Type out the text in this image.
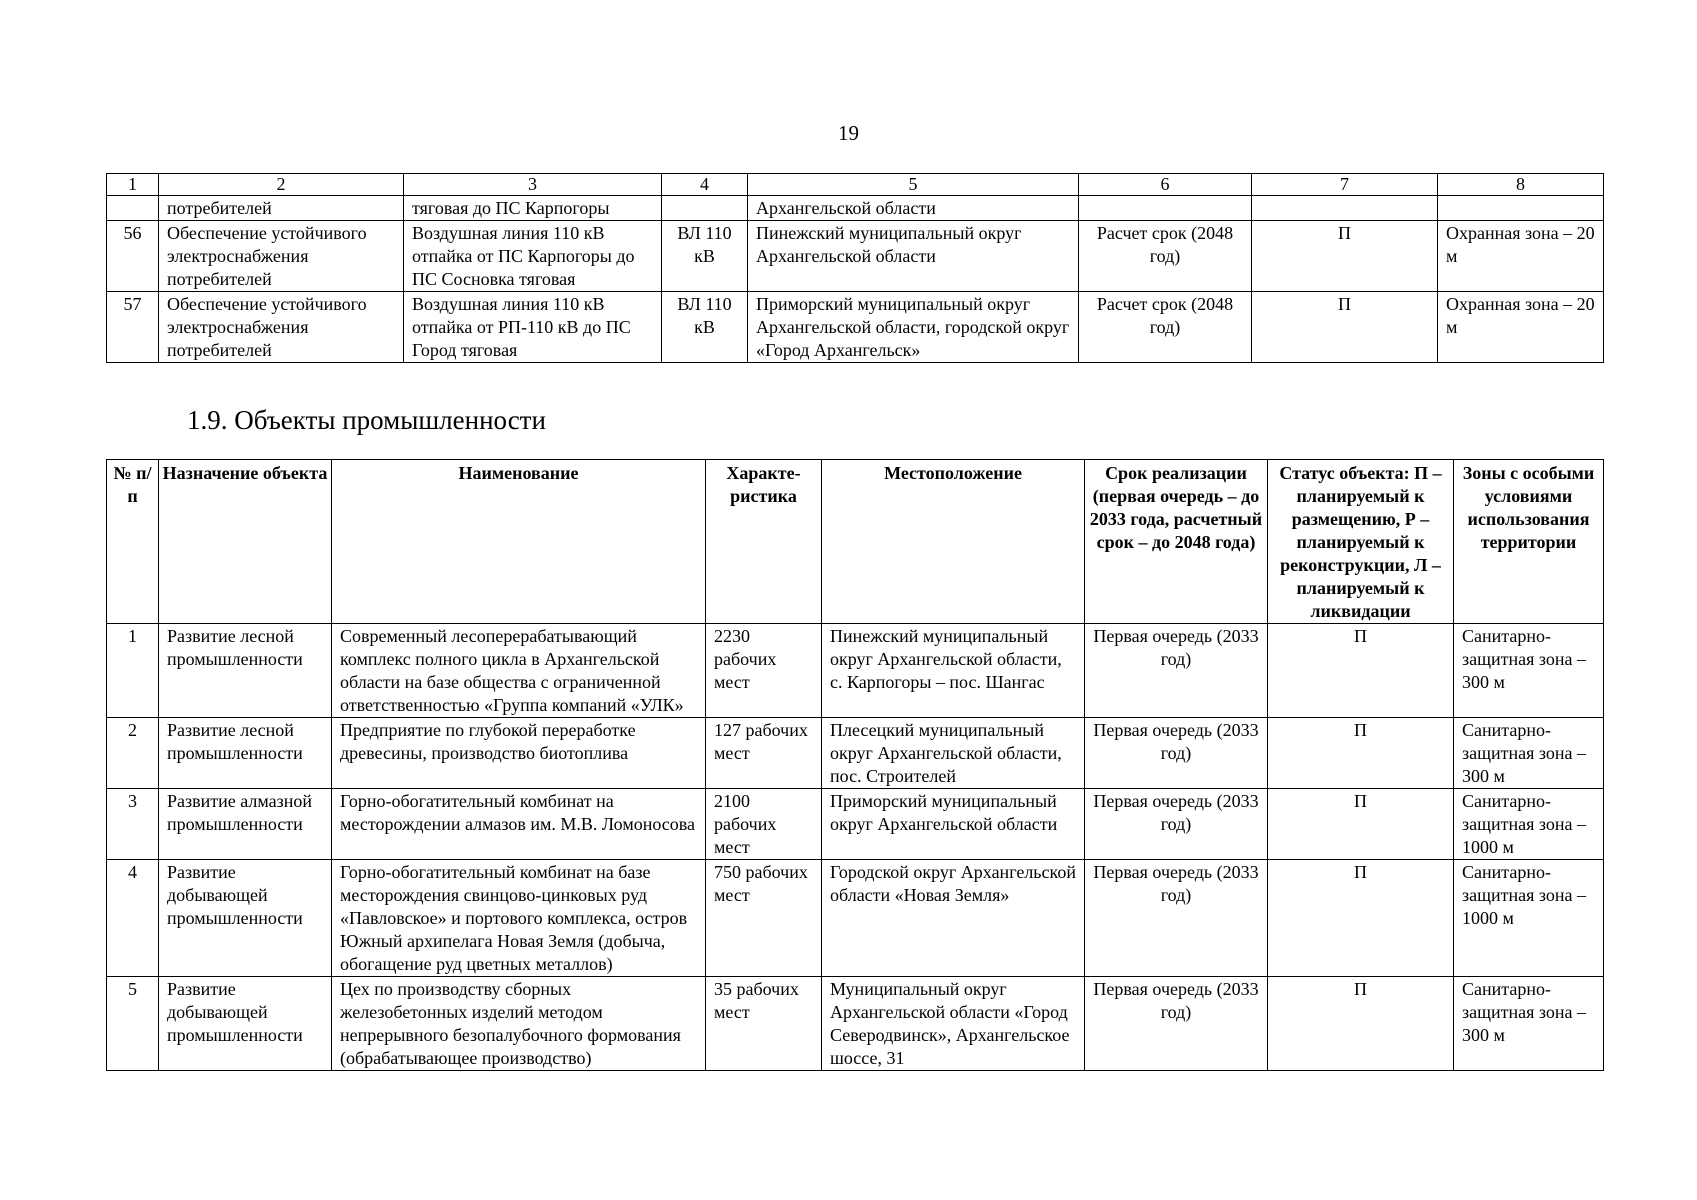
19
1	2	3	4	5	6	7	8
	потребителей	тяговая до ПС Карпогоры		Архангельской области			
56	Обеспечение устойчивого электроснабжения потребителей	Воздушная линия 110 кВ отпайка от ПС Карпогоры до ПС Сосновка тяговая	ВЛ 110 кВ	Пинежский муниципальный округ Архангельской области	Расчет срок (2048 год)	П	Охранная зона – 20 м
57	Обеспечение устойчивого электроснабжения потребителей	Воздушная линия 110 кВ отпайка от РП-110 кВ до ПС Город тяговая	ВЛ 110 кВ	Приморский муниципальный округ Архангельской области, городской округ «Город Архангельск»	Расчет срок (2048 год)	П	Охранная зона – 20 м
1.9. Объекты промышленности
№ п/п	Назначение объекта	Наименование	Характе-ристика	Местоположение	Срок реализации (первая очередь – до 2033 года, расчетный срок – до 2048 года)	Статус объекта: П – планируемый к размещению, Р – планируемый к реконструкции, Л – планируемый к ликвидации	Зоны с особыми условиями использования территории
1	Развитие лесной промышленности	Современный лесоперерабатывающий комплекс полного цикла в Архангельской области на базе общества с ограниченной ответственностью «Группа компаний «УЛК»	2230 рабочих мест	Пинежский муниципальный округ Архангельской области, с. Карпогоры – пос. Шангас	Первая очередь (2033 год)	П	Санитарно-защитная зона – 300 м
2	Развитие лесной промышленности	Предприятие по глубокой переработке древесины, производство биотоплива	127 рабочих мест	Плесецкий муниципальный округ Архангельской области, пос. Строителей	Первая очередь (2033 год)	П	Санитарно-защитная зона – 300 м
3	Развитие алмазной промышленности	Горно-обогатительный комбинат на месторождении алмазов им. М.В. Ломоносова	2100 рабочих мест	Приморский муниципальный округ Архангельской области	Первая очередь (2033 год)	П	Санитарно-защитная зона – 1000 м
4	Развитие добывающей промышленности	Горно-обогатительный комбинат на базе месторождения свинцово-цинковых руд «Павловское» и портового комплекса, остров Южный архипелага Новая Земля (добыча, обогащение руд цветных металлов)	750 рабочих мест	Городской округ Архангельской области «Новая Земля»	Первая очередь (2033 год)	П	Санитарно-защитная зона – 1000 м
5	Развитие добывающей промышленности	Цех по производству сборных железобетонных изделий методом непрерывного безопалубочного формования (обрабатывающее производство)	35 рабочих мест	Муниципальный округ Архангельской области «Город Северодвинск», Архангельское шоссе, 31	Первая очередь (2033 год)	П	Санитарно-защитная зона – 300 м
